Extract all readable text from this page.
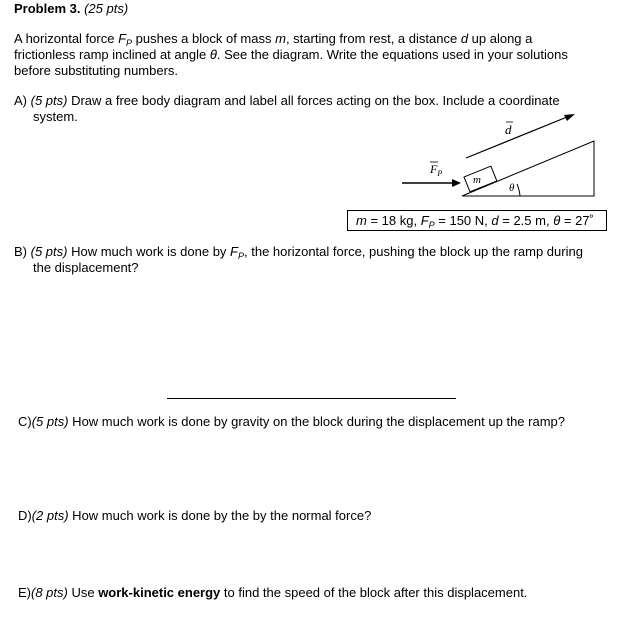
Problem 3. (25 pts)
A horizontal force $F_P$ pushes a block of mass m, starting from rest, a distance d up along a
frictionless ramp inclined at angle θ. See the diagram. Write the equations used in your solutions
before substituting numbers.
A) (5 pts) Draw a free body diagram and label all forces acting on the box. Include a coordinate
system.
d
m
$F_P$
θ
m = 18 kg, $F_P = 150$ N, d = 2.5 m, θ = 27˚
B) (5 pts) How much work is done by $F_P$, the horizontal force, pushing the block up the ramp during
the displacement?
C)(5 pts) How much work is done by gravity on the block during the displacement up the ramp?
D)(2 pts) How much work is done by the by the normal force?
E)(8 pts) Use work-kinetic energy to find the speed of the block after this displacement.
